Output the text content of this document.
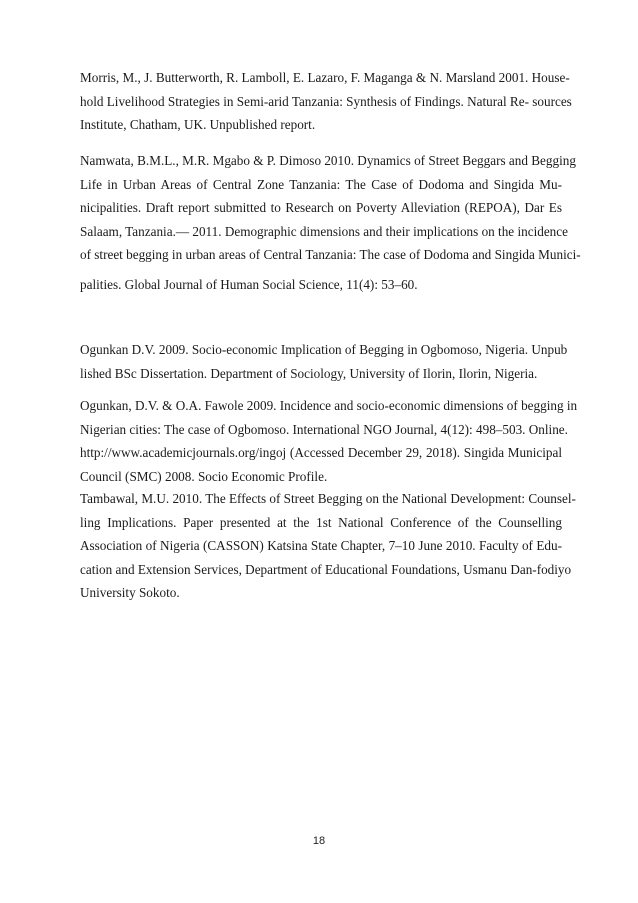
Morris, M., J. Butterworth, R. Lamboll, E. Lazaro, F. Maganga & N. Marsland 2001. House-
hold Livelihood Strategies in Semi-arid Tanzania: Synthesis of Findings. Natural Re- sources
Institute, Chatham, UK. Unpublished report.

Namwata, B.M.L., M.R. Mgabo & P. Dimoso 2010. Dynamics of Street Beggars and Begging
Life in Urban Areas of Central Zone Tanzania: The Case of Dodoma and Singida Mu-
nicipalities. Draft report submitted to Research on Poverty Alleviation (REPOA), Dar Es
Salaam, Tanzania.— 2011. Demographic dimensions and their implications on the incidence
of street begging in urban areas of Central Tanzania: The case of Dodoma and Singida Munici-
palities. Global Journal of Human Social Science, 11(4): 53–60.

Ogunkan D.V. 2009. Socio-economic Implication of Begging in Ogbomoso, Nigeria. Unpub
lished BSc Dissertation. Department of Sociology, University of Ilorin, Ilorin, Nigeria.

Ogunkan, D.V. & O.A. Fawole 2009. Incidence and socio-economic dimensions of begging in
Nigerian cities: The case of Ogbomoso. International NGO Journal, 4(12): 498–503. Online.
http://www.academicjournals.org/ingoj (Accessed December 29, 2018). Singida Municipal
Council (SMC) 2008. Socio Economic Profile.

Tambawal, M.U. 2010. The Effects of Street Begging on the National Development: Counsel-
ling Implications. Paper presented at the 1st National Conference of the Counselling
Association of Nigeria (CASSON) Katsina State Chapter, 7–10 June 2010. Faculty of Edu-
cation and Extension Services, Department of Educational Foundations, Usmanu Dan-fodiyo
University Sokoto.

18
